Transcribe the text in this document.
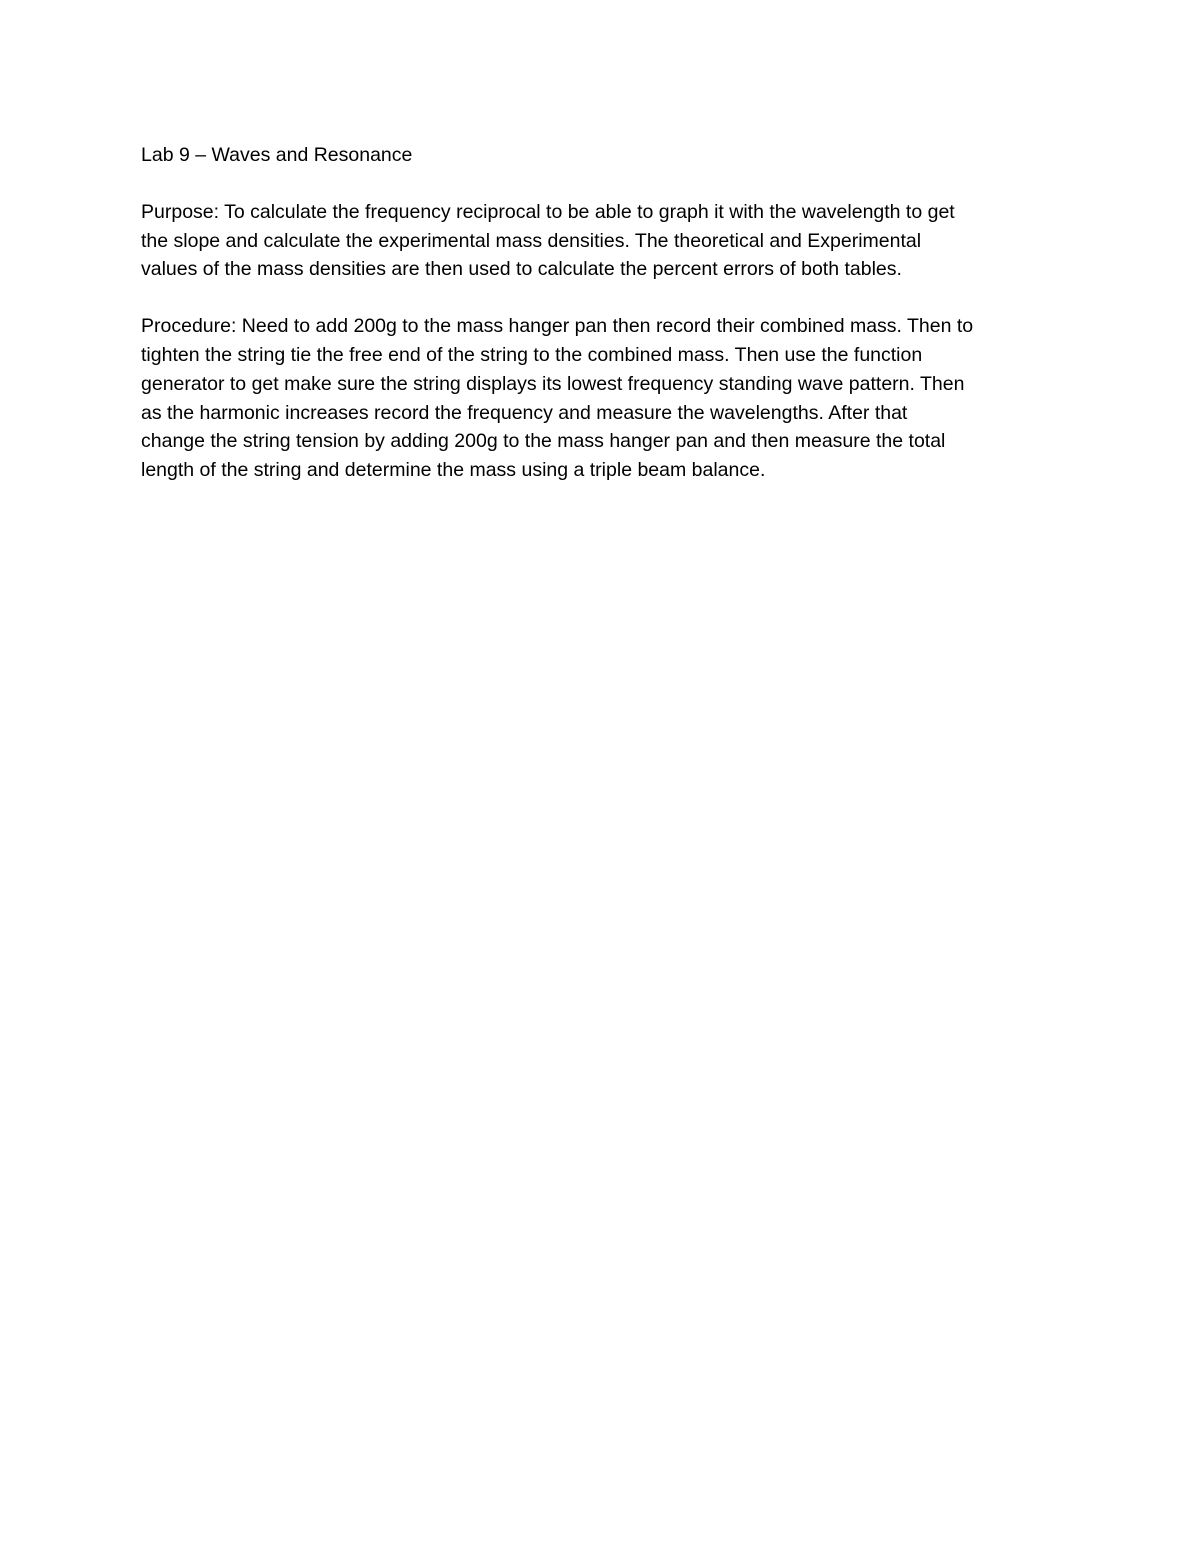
Lab 9 – Waves and Resonance

Purpose: To calculate the frequency reciprocal to be able to graph it with the wavelength to get
the slope and calculate the experimental mass densities. The theoretical and Experimental
values of the mass densities are then used to calculate the percent errors of both tables.

Procedure: Need to add 200g to the mass hanger pan then record their combined mass. Then to
tighten the string tie the free end of the string to the combined mass. Then use the function
generator to get make sure the string displays its lowest frequency standing wave pattern. Then
as the harmonic increases record the frequency and measure the wavelengths. After that
change the string tension by adding 200g to the mass hanger pan and then measure the total
length of the string and determine the mass using a triple beam balance.
